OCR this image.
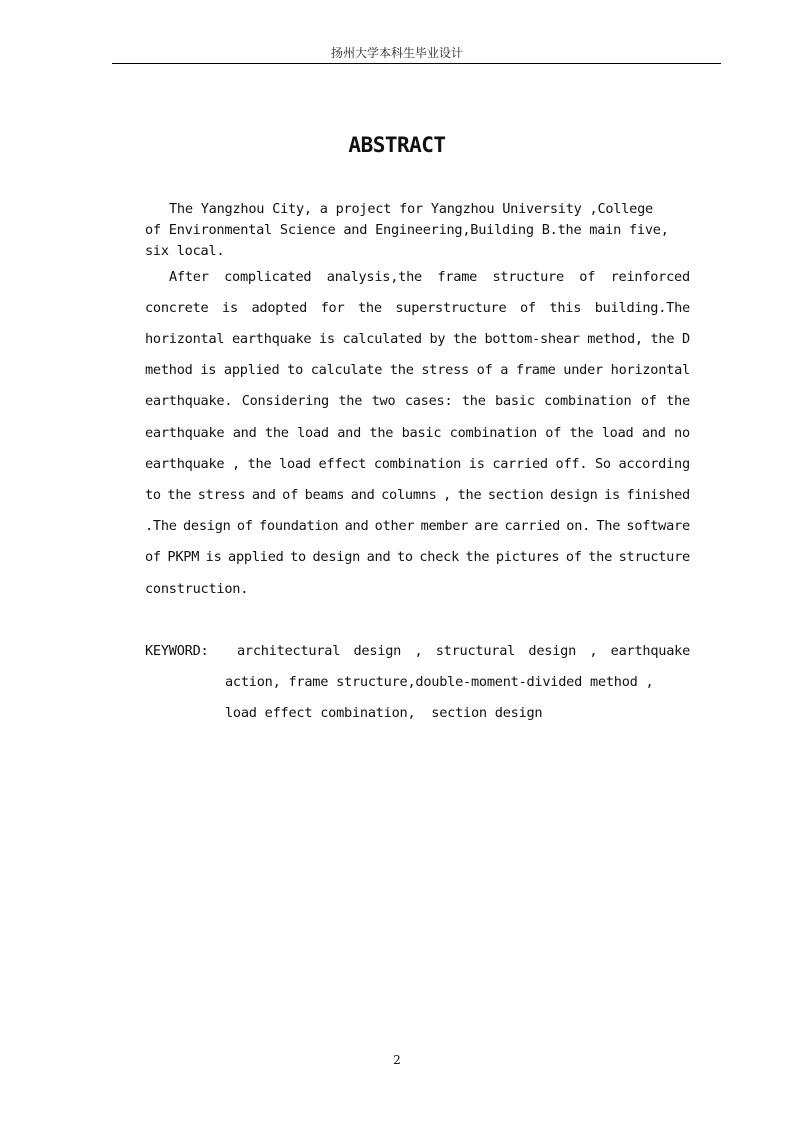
扬州大学本科生毕业设计
ABSTRACT
The Yangzhou City, a project for Yangzhou University ,College
of Environmental Science and Engineering,Building B.the main five,
six local.
After complicated analysis,the frame structure of reinforced
concrete is adopted for the superstructure of this building.The
horizontal earthquake is calculated by the bottom-shear method, the D
method is applied to calculate the stress of a frame under horizontal
earthquake. Considering the two cases: the basic combination of the
earthquake and the load and the basic combination of the load and no
earthquake , the load effect combination is carried off. So according
to the stress and of beams and columns , the section design is finished
.The design of foundation and other member are carried on. The software
of PKPM is applied to design and to check the pictures of the structure
construction.
KEYWORD: architectural design , structural design , earthquake
action, frame structure,double-moment-divided method ,
load effect combination,  section design
2
